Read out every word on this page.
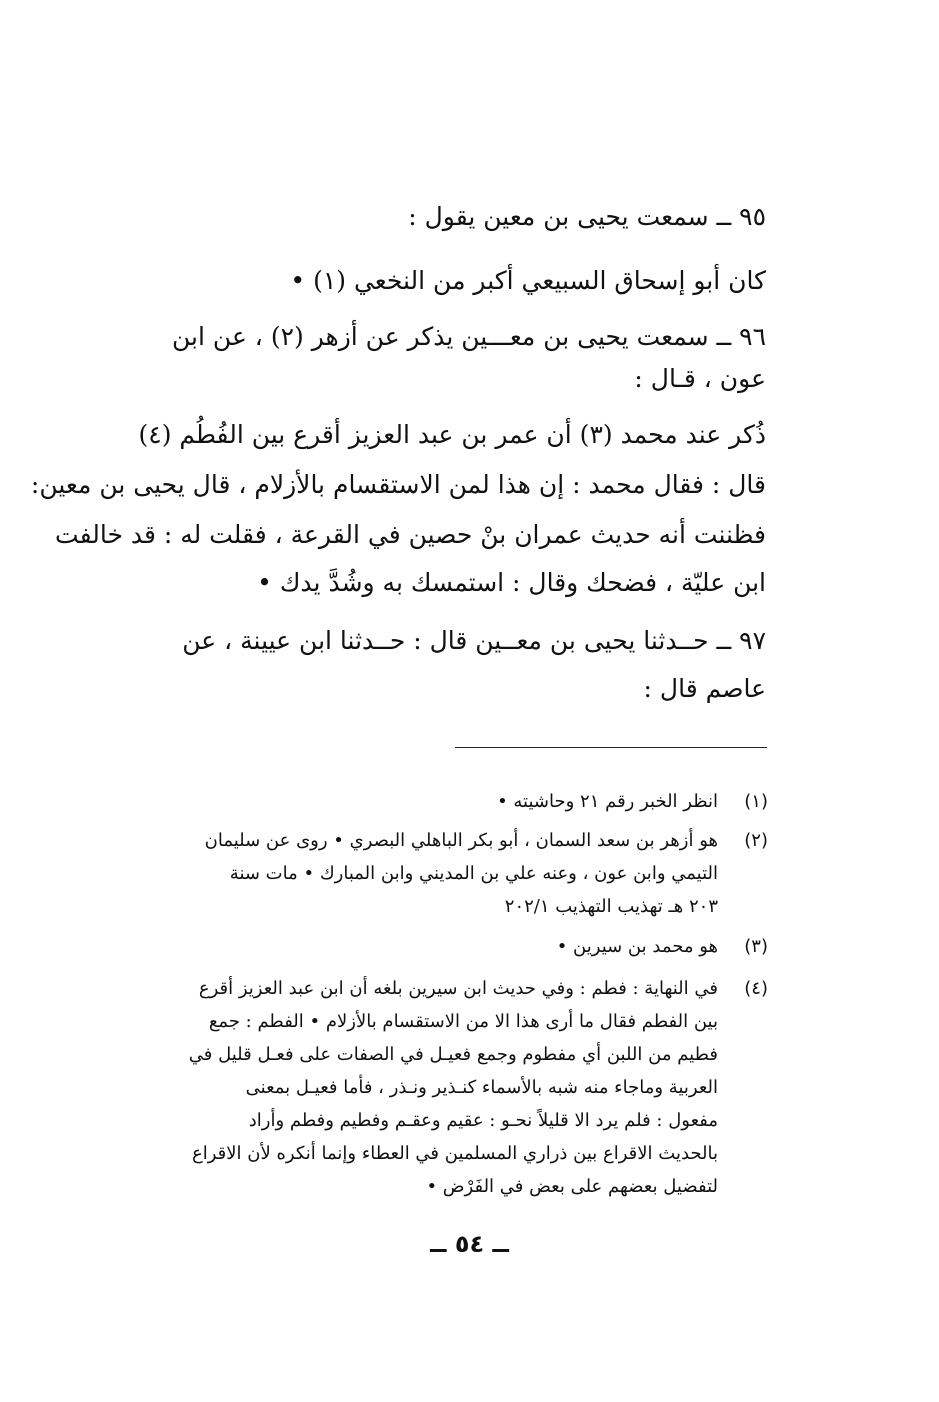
٩٥ ــ سمعت يحيى بن معين يقول :
كان أبو إسحاق السبيعي أكبر من النخعي (١) •
٩٦ ــ سمعت يحيى بن معـــين يذكر عن أزهر (٢) ، عن ابن
عون ، قـال :
ذُكر عند محمد (٣) أن عمر بن عبد العزيز أقرع بين الفُطُم (٤)
قال : فقال محمد : إن هذا لمن الاستقسام بالأزلام ، قال يحيى بن معين:
فظننت أنه حديث عمران بنْ حصين في القرعة ، فقلت له : قد خالفت
ابن عليّة ، فضحك وقال : استمسك به وشُدَّ يدك •
٩٧ ــ حــدثنا يحيى بن معــين قال : حــدثنا ابن عيينة ، عن
عاصم قال :
(١)
انظر الخبر رقم ٢١ وحاشيته •
(٢)
هو أزهر بن سعد السمان ، أبو بكر الباهلي البصري • روى عن سليمان
التيمي وابن عون ، وعنه علي بن المديني وابن المبارك • مات سنة
٢٠٣ هـ تهذيب التهذيب ٢٠٢/١
(٣)
هو محمد بن سيرين •
(٤)
في النهاية : فطم : وفي حديث ابن سيرين بلغه أن ابن عبد العزيز أقرع
بين الفطم فقال ما أرى هذا الا من الاستقسام بالأزلام • الفطم : جمع
فطيم من اللبن أي مفطوم وجمع فعيـل في الصفات على فعـل قليل في
العربية وماجاء منه شبه بالأسماء كنـذير ونـذر ، فأما فعيـل بمعنى
مفعول : فلم يرد الا قليلاً نحـو : عقيم وعقـم وفطيم وفطم وأراد
بالحديث الاقراع بين ذراري المسلمين في العطاء وإنما أنكره لأن الاقراع
لتفضيل بعضهم على بعض في الفَرْض •
ــ ٥٤ ــ
